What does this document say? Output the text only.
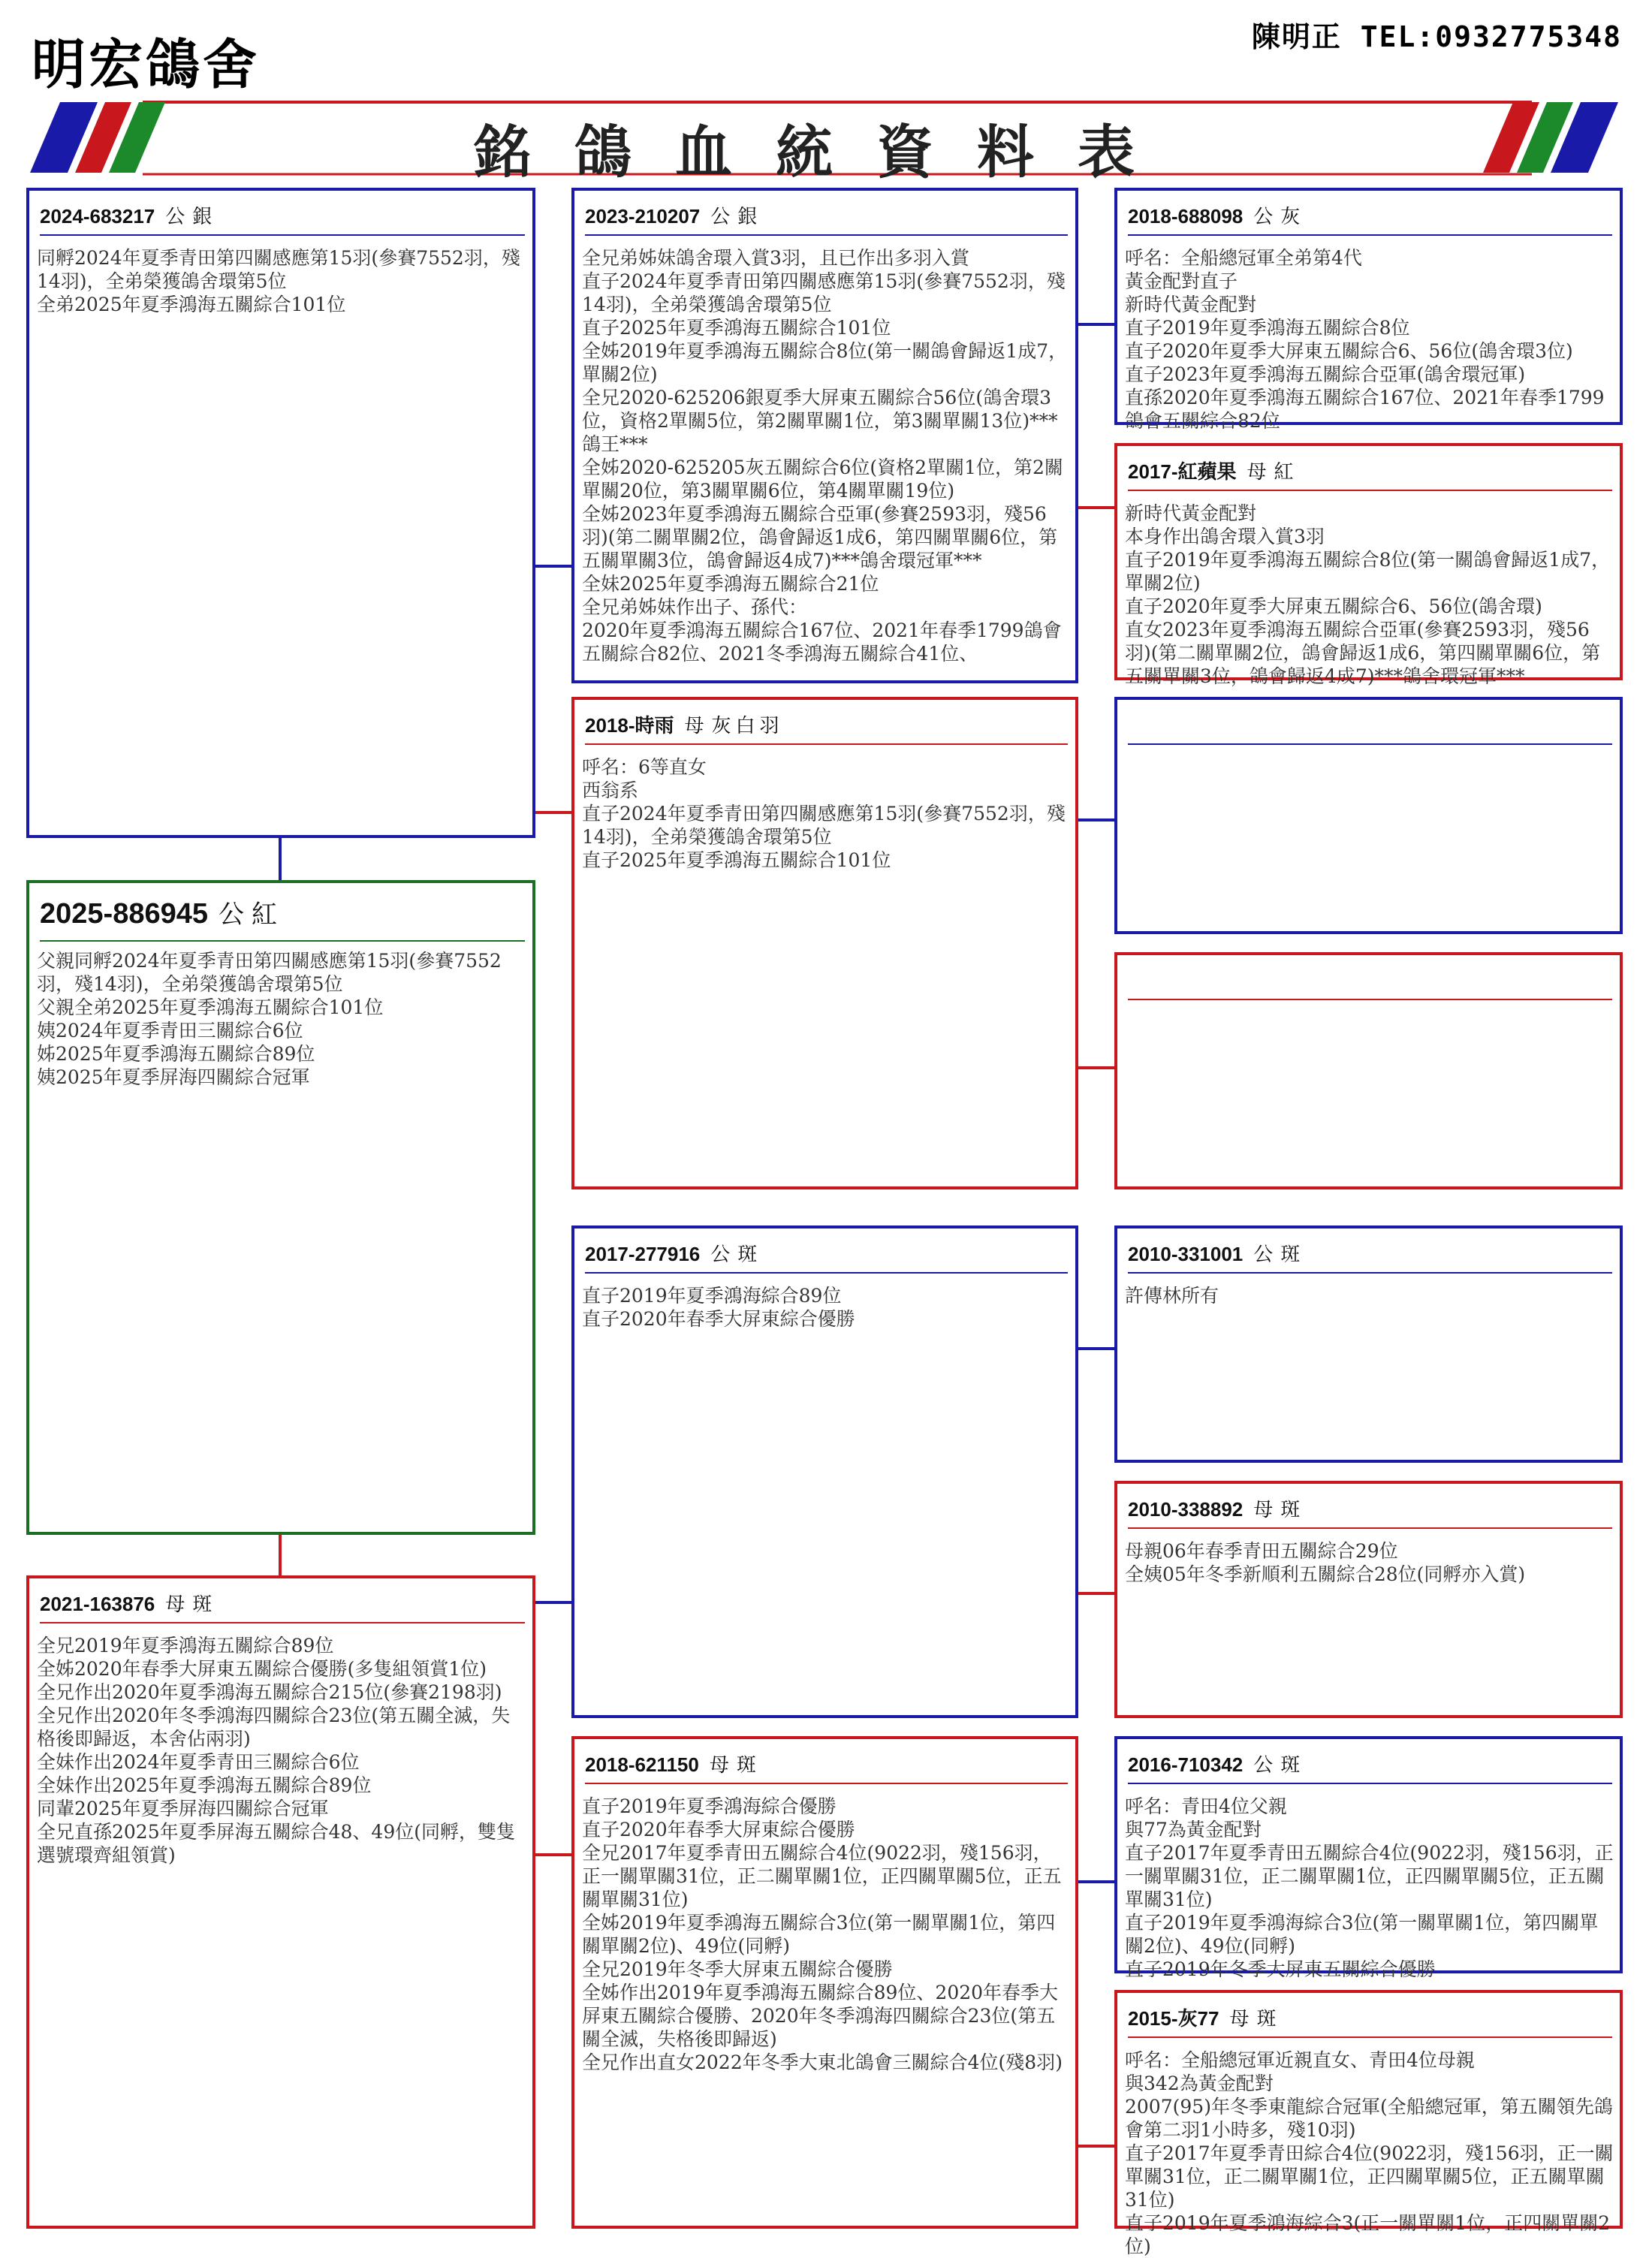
明宏鴿舍	陳明正 TEL:0932775348
銘鴿血統資料表
2024-683217 公 銀
同孵2024年夏季青田第四關感應第15羽(參賽7552羽，殘14羽)，全弟榮獲鴿舍環第5位
全弟2025年夏季鴻海五關綜合101位
2025-886945 公 紅
父親同孵2024年夏季青田第四關感應第15羽(參賽7552羽，殘14羽)，全弟榮獲鴿舍環第5位
父親全弟2025年夏季鴻海五關綜合101位
姨2024年夏季青田三關綜合6位
姊2025年夏季鴻海五關綜合89位
姨2025年夏季屏海四關綜合冠軍
2021-163876 母 斑
全兄2019年夏季鴻海五關綜合89位
全姊2020年春季大屏東五關綜合優勝(多隻組領賞1位)
全兄作出2020年夏季鴻海五關綜合215位(參賽2198羽)
全兄作出2020年冬季鴻海四關綜合23位(第五關全滅，失格後即歸返，本舍佔兩羽)
全妹作出2024年夏季青田三關綜合6位
全妹作出2025年夏季鴻海五關綜合89位
同輩2025年夏季屏海四關綜合冠軍
全兄直孫2025年夏季屏海五關綜合48、49位(同孵，雙隻選號環齊組領賞)
2023-210207 公 銀
全兄弟姊妹鴿舍環入賞3羽，且已作出多羽入賞
直子2024年夏季青田第四關感應第15羽(參賽7552羽，殘14羽)，全弟榮獲鴿舍環第5位
直子2025年夏季鴻海五關綜合101位
全姊2019年夏季鴻海五關綜合8位(第一關鴿會歸返1成7，單關2位)
全兄2020-625206銀夏季大屏東五關綜合56位(鴿舍環3位，資格2單關5位，第2關單關1位，第3關單關13位)***鴿王***
全姊2020-625205灰五關綜合6位(資格2單關1位，第2關單關20位，第3關單關6位，第4關單關19位)
全姊2023年夏季鴻海五關綜合亞軍(參賽2593羽，殘56羽)(第二關單關2位，鴿會歸返1成6，第四關單關6位，第五關單關3位，鴿會歸返4成7)***鴿舍環冠軍***
全妹2025年夏季鴻海五關綜合21位
全兄弟姊妹作出子、孫代：
2020年夏季鴻海五關綜合167位、2021年春季1799鴿會五關綜合82位、2021冬季鴻海五關綜合41位、
2018-時雨 母 灰白羽
呼名：6等直女
西翁系
直子2024年夏季青田第四關感應第15羽(參賽7552羽，殘14羽)，全弟榮獲鴿舍環第5位
直子2025年夏季鴻海五關綜合101位
2017-277916 公 斑
直子2019年夏季鴻海綜合89位
直子2020年春季大屏東綜合優勝
2018-621150 母 斑
直子2019年夏季鴻海綜合優勝
直子2020年春季大屏東綜合優勝
全兄2017年夏季青田五關綜合4位(9022羽，殘156羽，正一關單關31位，正二關單關1位，正四關單關5位，正五關單關31位)
全姊2019年夏季鴻海五關綜合3位(第一關單關1位，第四關單關2位)、49位(同孵)
全兄2019年冬季大屏東五關綜合優勝
全姊作出2019年夏季鴻海五關綜合89位、2020年春季大屏東五關綜合優勝、2020年冬季鴻海四關綜合23位(第五關全滅，失格後即歸返)
全兄作出直女2022年冬季大東北鴿會三關綜合4位(殘8羽)
2018-688098 公 灰
呼名：全船總冠軍全弟第4代
黃金配對直子
新時代黃金配對
直子2019年夏季鴻海五關綜合8位
直子2020年夏季大屏東五關綜合6、56位(鴿舍環3位)
直子2023年夏季鴻海五關綜合亞軍(鴿舍環冠軍)
直孫2020年夏季鴻海五關綜合167位、2021年春季1799鴿會五關綜合82位
2017-紅蘋果 母 紅
新時代黃金配對
本身作出鴿舍環入賞3羽
直子2019年夏季鴻海五關綜合8位(第一關鴿會歸返1成7，單關2位)
直子2020年夏季大屏東五關綜合6、56位(鴿舍環)
直女2023年夏季鴻海五關綜合亞軍(參賽2593羽，殘56羽)(第二關單關2位，鴿會歸返1成6，第四關單關6位，第五關單關3位，鴿會歸返4成7)***鴿舍環冠軍***
2010-331001 公 斑
許傳林所有
2010-338892 母 斑
母親06年春季青田五關綜合29位
全姨05年冬季新順利五關綜合28位(同孵亦入賞)
2016-710342 公 斑
呼名：青田4位父親
與77為黃金配對
直子2017年夏季青田五關綜合4位(9022羽，殘156羽，正一關單關31位，正二關單關1位，正四關單關5位，正五關單關31位)
直子2019年夏季鴻海綜合3位(第一關單關1位，第四關單關2位)、49位(同孵)
直子2019年冬季大屏東五關綜合優勝
2015-灰77 母 斑
呼名：全船總冠軍近親直女、青田4位母親
與342為黃金配對
2007(95)年冬季東龍綜合冠軍(全船總冠軍，第五關領先鴿會第二羽1小時多，殘10羽)
直子2017年夏季青田綜合4位(9022羽，殘156羽，正一關單關31位，正二關單關1位，正四關單關5位，正五關單關31位)
直子2019年夏季鴻海綜合3(正一關單關1位，正四關單關2位)
